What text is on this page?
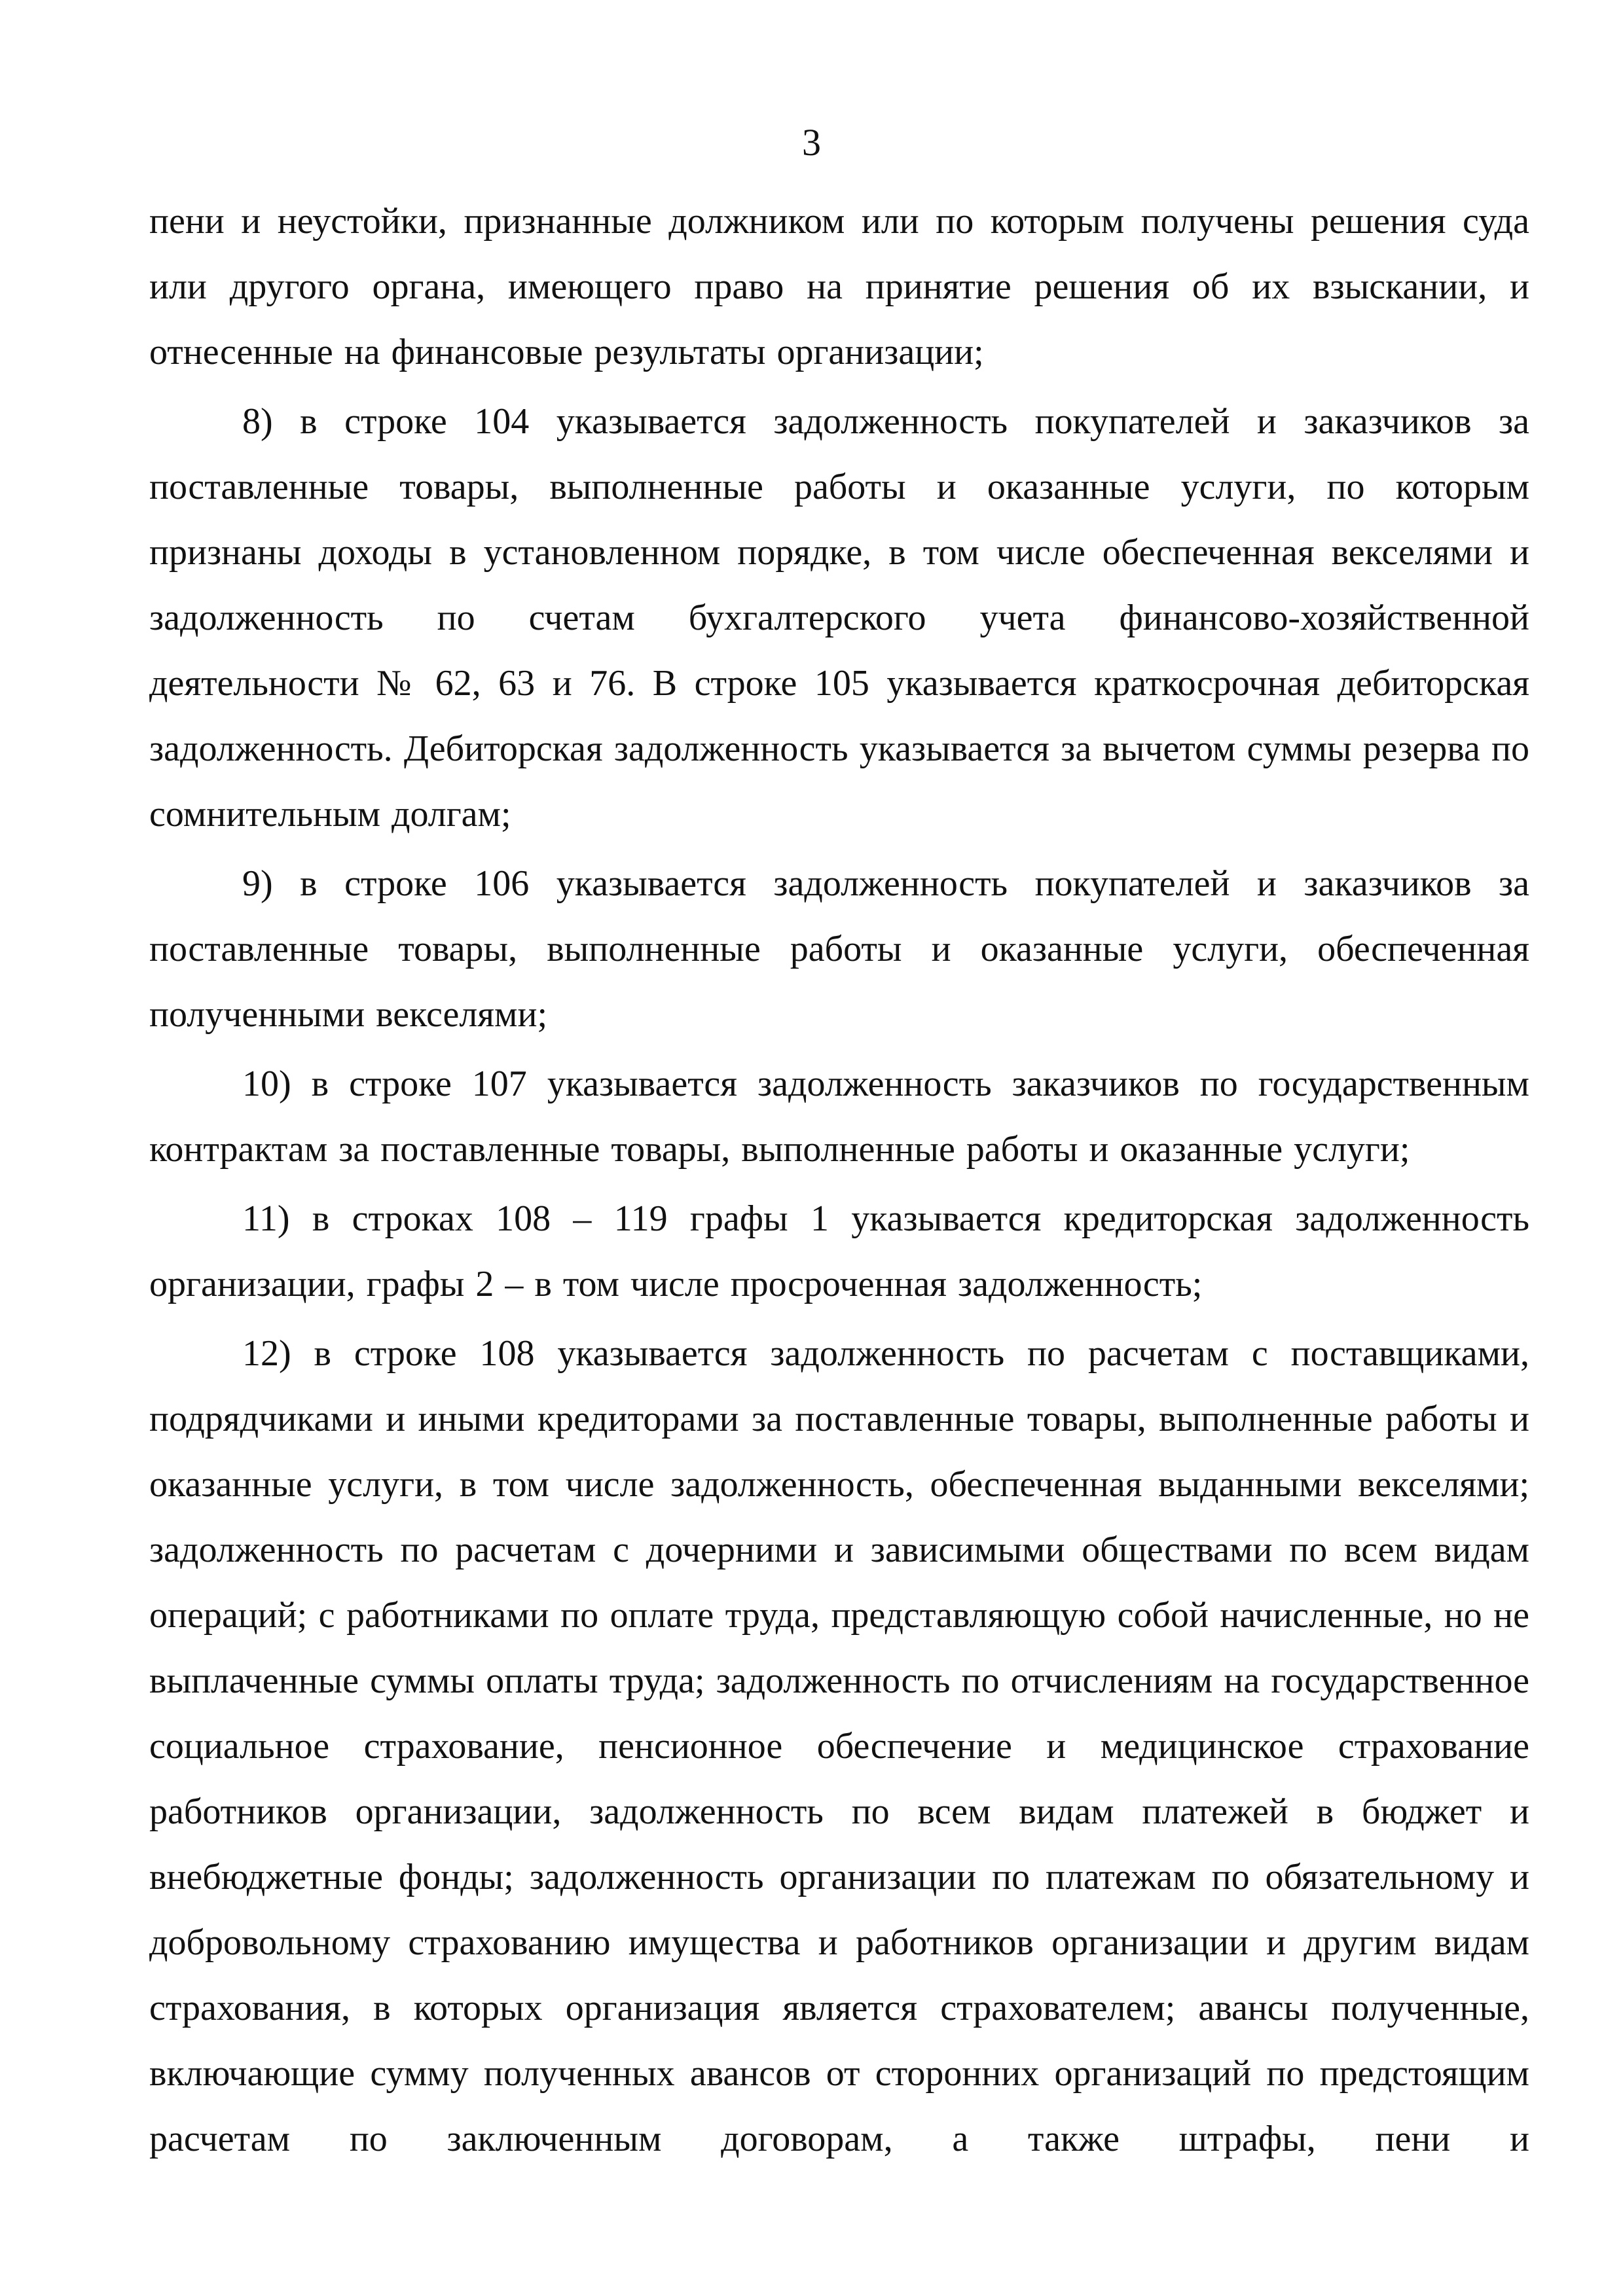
3

пени и неустойки, признанные должником или по которым получены решения суда или другого органа, имеющего право на принятие решения об их взыскании, и отнесенные на финансовые результаты организации;

8) в строке 104 указывается задолженность покупателей и заказчиков за поставленные товары, выполненные работы и оказанные услуги, по которым признаны доходы в установленном порядке, в том числе обеспеченная векселями и задолженность по счетам бухгалтерского учета финансово-хозяйственной деятельности № 62, 63 и 76. В строке 105 указывается краткосрочная дебиторская задолженность. Дебиторская задолженность указывается за вычетом суммы резерва по сомнительным долгам;

9) в строке 106 указывается задолженность покупателей и заказчиков за поставленные товары, выполненные работы и оказанные услуги, обеспеченная полученными векселями;

10) в строке 107 указывается задолженность заказчиков по государственным контрактам за поставленные товары, выполненные работы и оказанные услуги;

11) в строках 108 – 119 графы 1 указывается кредиторская задолженность организации, графы 2 – в том числе просроченная задолженность;

12) в строке 108 указывается задолженность по расчетам с поставщиками, подрядчиками и иными кредиторами за поставленные товары, выполненные работы и оказанные услуги, в том числе задолженность, обеспеченная выданными векселями; задолженность по расчетам с дочерними и зависимыми обществами по всем видам операций; с работниками по оплате труда, представляющую собой начисленные, но не выплаченные суммы оплаты труда; задолженность по отчислениям на государственное социальное страхование, пенсионное обеспечение и медицинское страхование работников организации, задолженность по всем видам платежей в бюджет и внебюджетные фонды; задолженность организации по платежам по обязательному и добровольному страхованию имущества и работников организации и другим видам страхования, в которых организация является страхователем; авансы полученные, включающие сумму полученных авансов от сторонних организаций по предстоящим расчетам по заключенным договорам, а также штрафы, пени и
